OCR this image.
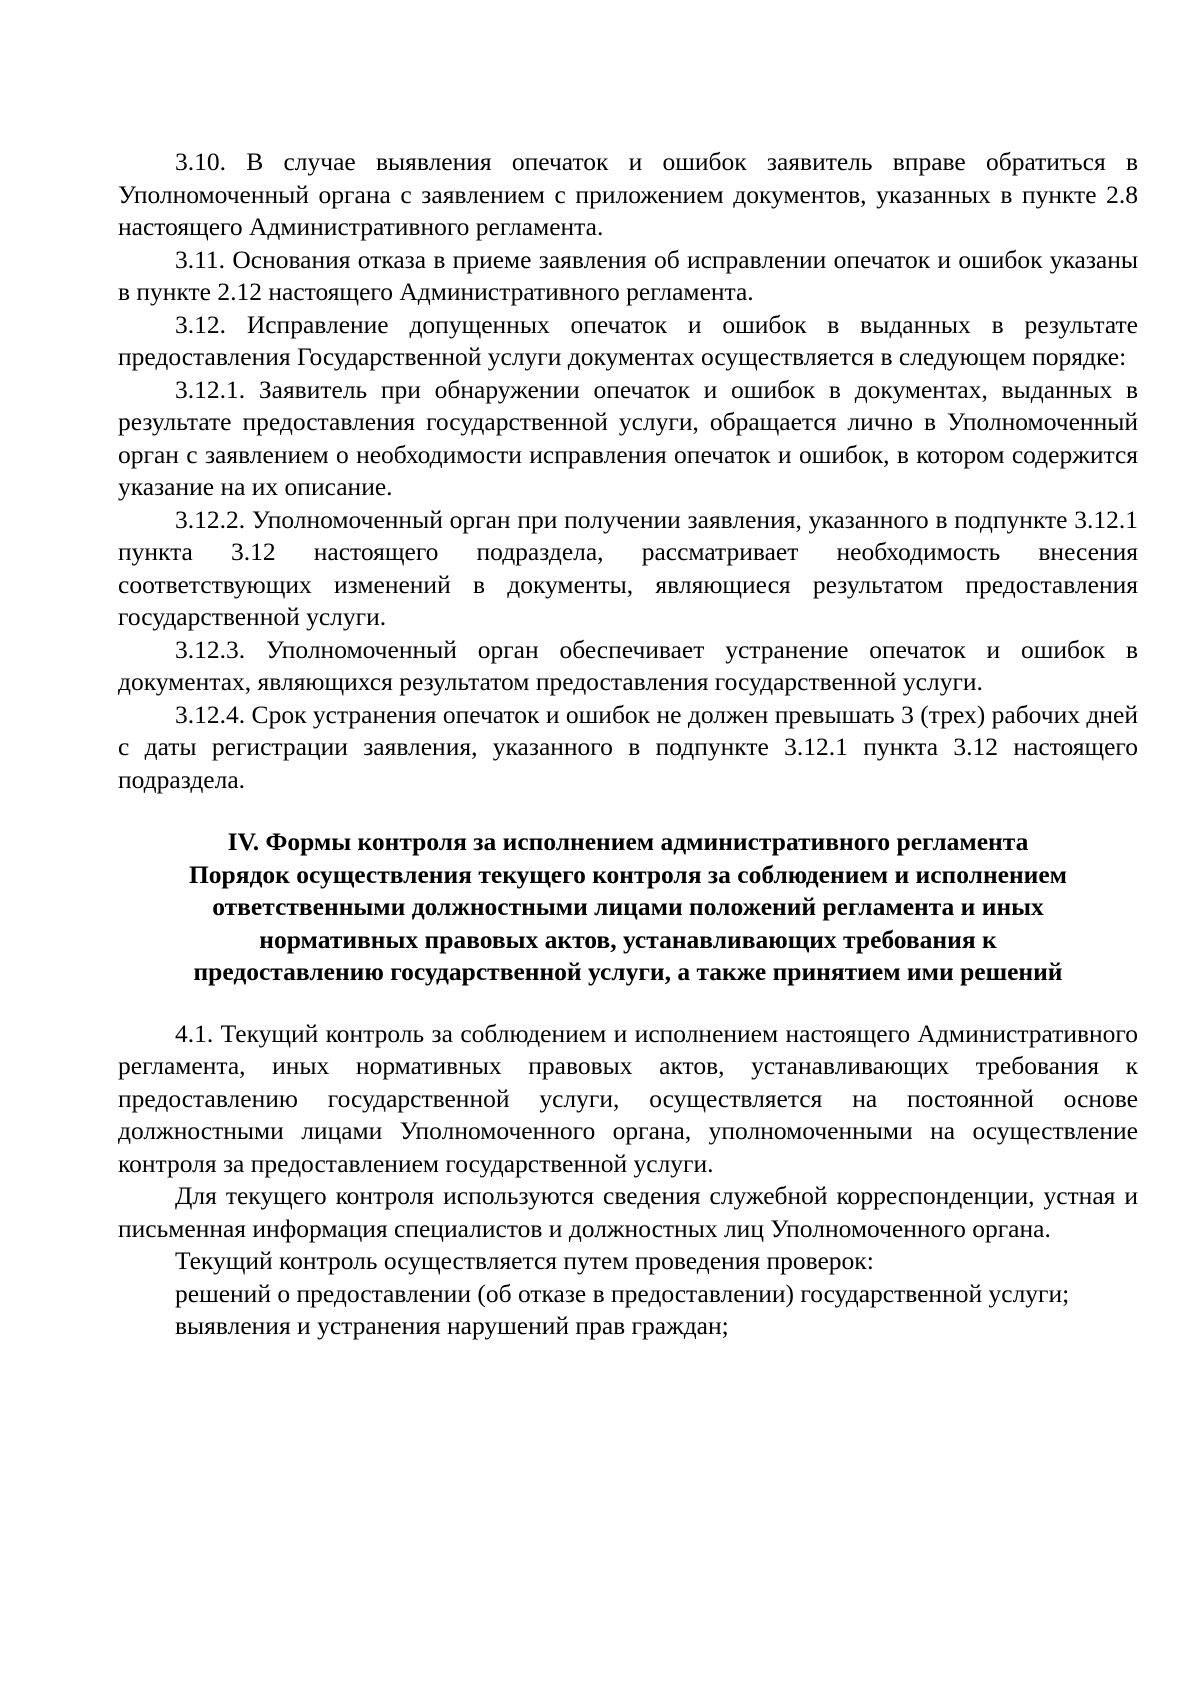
3.10. В случае выявления опечаток и ошибок заявитель вправе обратиться в Уполномоченный органа с заявлением с приложением документов, указанных в пункте 2.8 настоящего Административного регламента.

3.11. Основания отказа в приеме заявления об исправлении опечаток и ошибок указаны в пункте 2.12 настоящего Административного регламента.

3.12. Исправление допущенных опечаток и ошибок в выданных в результате предоставления Государственной услуги документах осуществляется в следующем порядке:

3.12.1. Заявитель при обнаружении опечаток и ошибок в документах, выданных в результате предоставления государственной услуги, обращается лично в Уполномоченный орган с заявлением о необходимости исправления опечаток и ошибок, в котором содержится указание на их описание.

3.12.2. Уполномоченный орган при получении заявления, указанного в подпункте 3.12.1 пункта 3.12 настоящего подраздела, рассматривает необходимость внесения соответствующих изменений в документы, являющиеся результатом предоставления государственной услуги.

3.12.3. Уполномоченный орган обеспечивает устранение опечаток и ошибок в документах, являющихся результатом предоставления государственной услуги.

3.12.4. Срок устранения опечаток и ошибок не должен превышать 3 (трех) рабочих дней с даты регистрации заявления, указанного в подпункте 3.12.1 пункта 3.12 настоящего подраздела.

IV. Формы контроля за исполнением административного регламента
Порядок осуществления текущего контроля за соблюдением и исполнением
ответственными должностными лицами положений регламента и иных
нормативных правовых актов, устанавливающих требования к
предоставлению государственной услуги, а также принятием ими решений

4.1. Текущий контроль за соблюдением и исполнением настоящего Административного регламента, иных нормативных правовых актов, устанавливающих требования к предоставлению государственной услуги, осуществляется на постоянной основе должностными лицами Уполномоченного органа, уполномоченными на осуществление контроля за предоставлением государственной услуги.

Для текущего контроля используются сведения служебной корреспонденции, устная и письменная информация специалистов и должностных лиц Уполномоченного органа.

Текущий контроль осуществляется путем проведения проверок:

решений о предоставлении (об отказе в предоставлении) государственной услуги;

выявления и устранения нарушений прав граждан;
